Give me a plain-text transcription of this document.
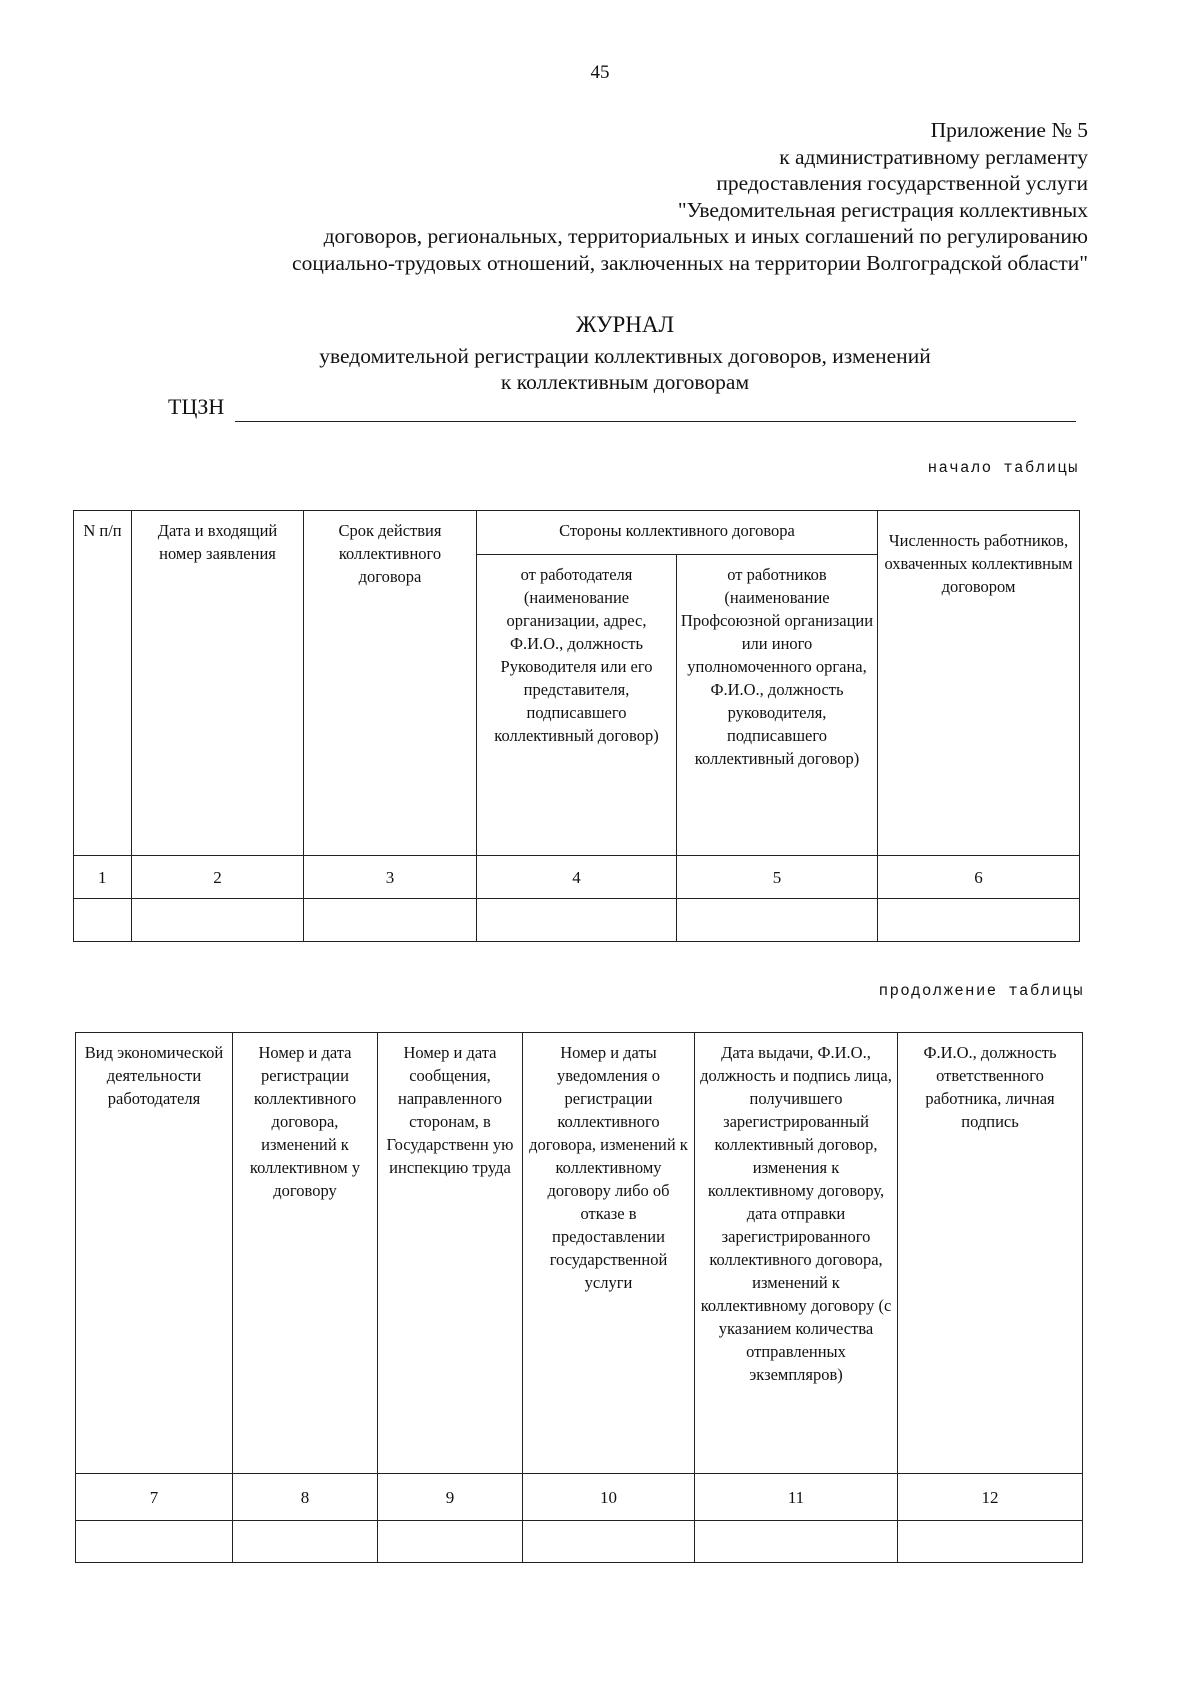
45
Приложение № 5
к административному регламенту
предоставления государственной услуги
"Уведомительная регистрация коллективных
договоров, региональных, территориальных и иных соглашений по регулированию
социально-трудовых отношений, заключенных на территории Волгоградской области"
ЖУРНАЛ
уведомительной регистрации коллективных договоров, изменений
к коллективным договорам
ТЦЗН
начало таблицы
N п/п	Дата и входящий номер заявления	Срок действия коллективного договора	Стороны коллективного договора		Численность работников, охваченных коллективным договором
			от работодателя (наименование организации, адрес, Ф.И.О., должность Руководителя или его представителя, подписавшего коллективный договор)	от работников (наименование Профсоюзной организации или иного уполномоченного органа, Ф.И.О., должность руководителя, подписавшего коллективный договор)	
1	2	3	4	5	6

продолжение таблицы
Вид экономической деятельности работодателя	Номер и дата регистрации коллективного договора, изменений к коллективном у договору	Номер и дата сообщения, направленного сторонам, в Государственн ую инспекцию труда	Номер и даты уведомления о регистрации коллективного договора, изменений к коллективному договору либо об отказе в предоставлении государственной услуги	Дата выдачи, Ф.И.О., должность и подпись лица, получившего зарегистрированный коллективный договор, изменения к коллективному договору, дата отправки зарегистрированного коллективного договора, изменений к коллективному договору (с указанием количества отправленных экземпляров)	Ф.И.О., должность ответственного работника, личная подпись
7	8	9	10	11	12
